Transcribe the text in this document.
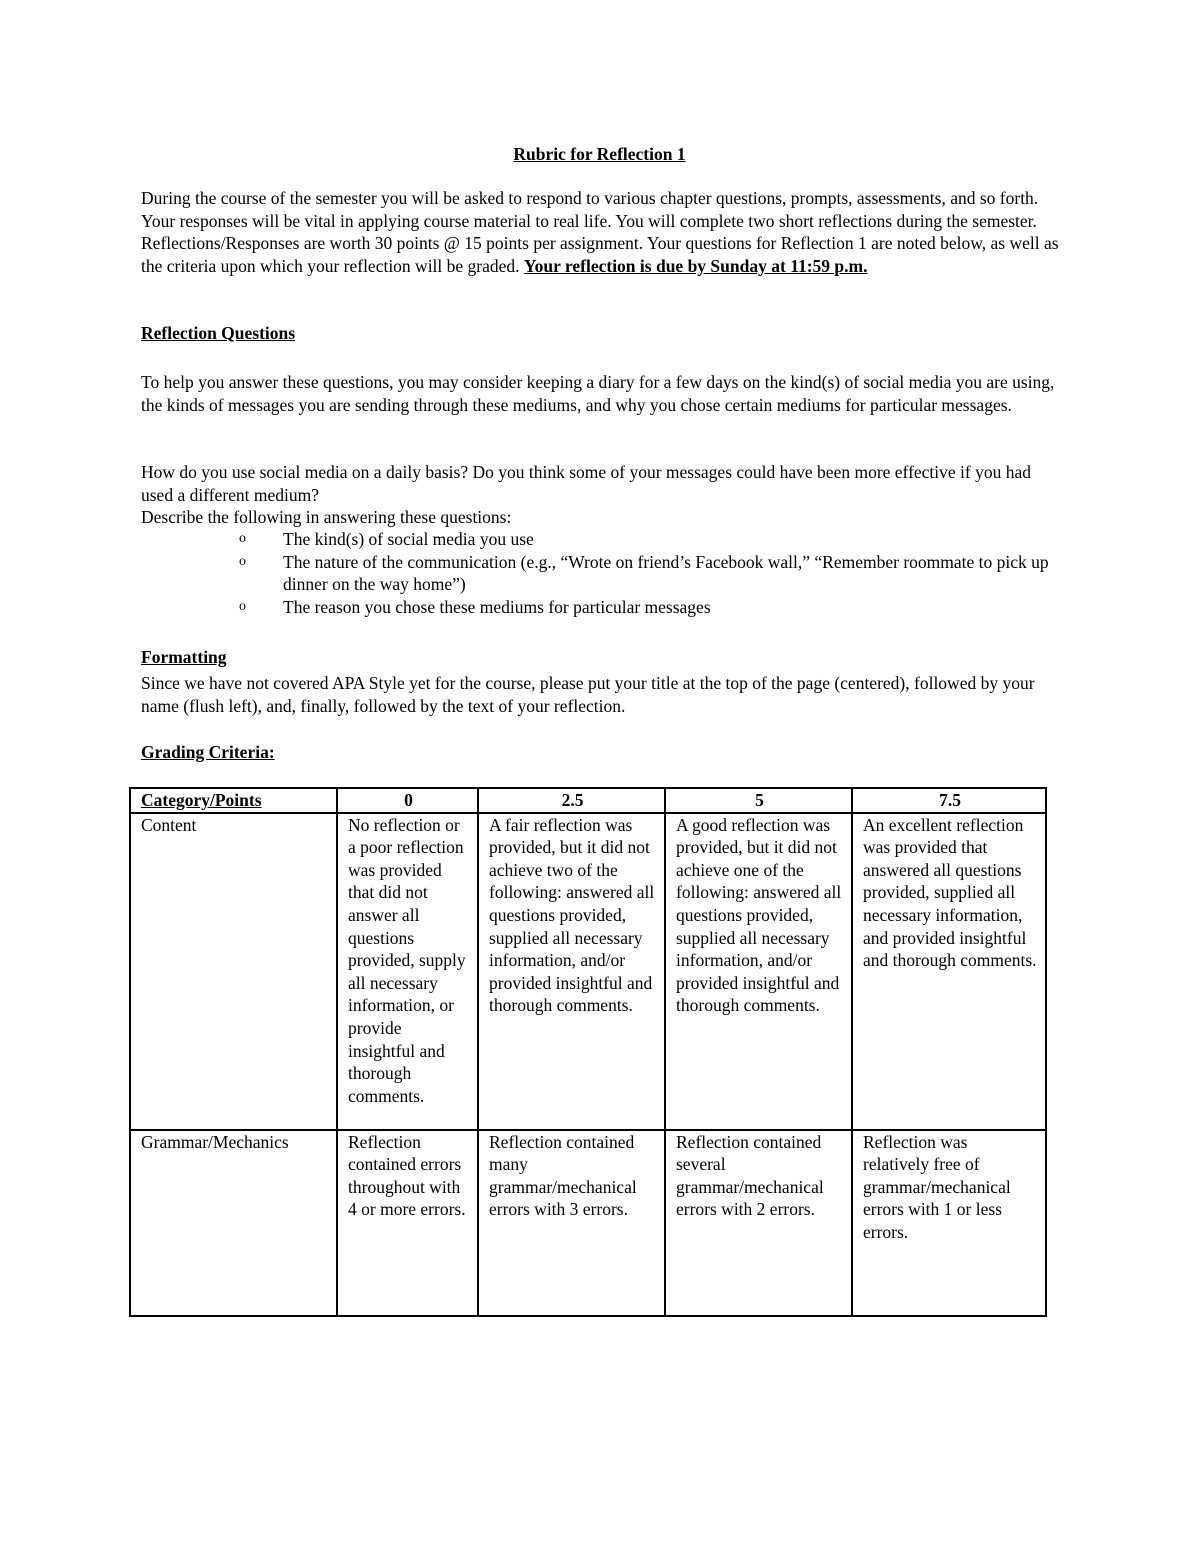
Rubric for Reflection 1
During the course of the semester you will be asked to respond to various chapter questions, prompts, assessments, and so forth. Your responses will be vital in applying course material to real life. You will complete two short reflections during the semester. Reflections/Responses are worth 30 points @ 15 points per assignment. Your questions for Reflection 1 are noted below, as well as the criteria upon which your reflection will be graded. Your reflection is due by Sunday at 11:59 p.m.
Reflection Questions
To help you answer these questions, you may consider keeping a diary for a few days on the kind(s) of social media you are using, the kinds of messages you are sending through these mediums, and why you chose certain mediums for particular messages.
How do you use social media on a daily basis? Do you think some of your messages could have been more effective if you had used a different medium?
Describe the following in answering these questions:
o The kind(s) of social media you use
o The nature of the communication (e.g., “Wrote on friend’s Facebook wall,” “Remember roommate to pick up dinner on the way home”)
o The reason you chose these mediums for particular messages
Formatting
Since we have not covered APA Style yet for the course, please put your title at the top of the page (centered), followed by your name (flush left), and, finally, followed by the text of your reflection.
Grading Criteria:
Category/Points	0	2.5	5	7.5
Content	No reflection or a poor reflection was provided that did not answer all questions provided, supply all necessary information, or provide insightful and thorough comments.	A fair reflection was provided, but it did not achieve two of the following: answered all questions provided, supplied all necessary information, and/or provided insightful and thorough comments.	A good reflection was provided, but it did not achieve one of the following: answered all questions provided, supplied all necessary information, and/or provided insightful and thorough comments.	An excellent reflection was provided that answered all questions provided, supplied all necessary information, and provided insightful and thorough comments.
Grammar/Mechanics	Reflection contained errors throughout with 4 or more errors.	Reflection contained many grammar/mechanical errors with 3 errors.	Reflection contained several grammar/mechanical errors with 2 errors.	Reflection was relatively free of grammar/mechanical errors with 1 or less errors.
